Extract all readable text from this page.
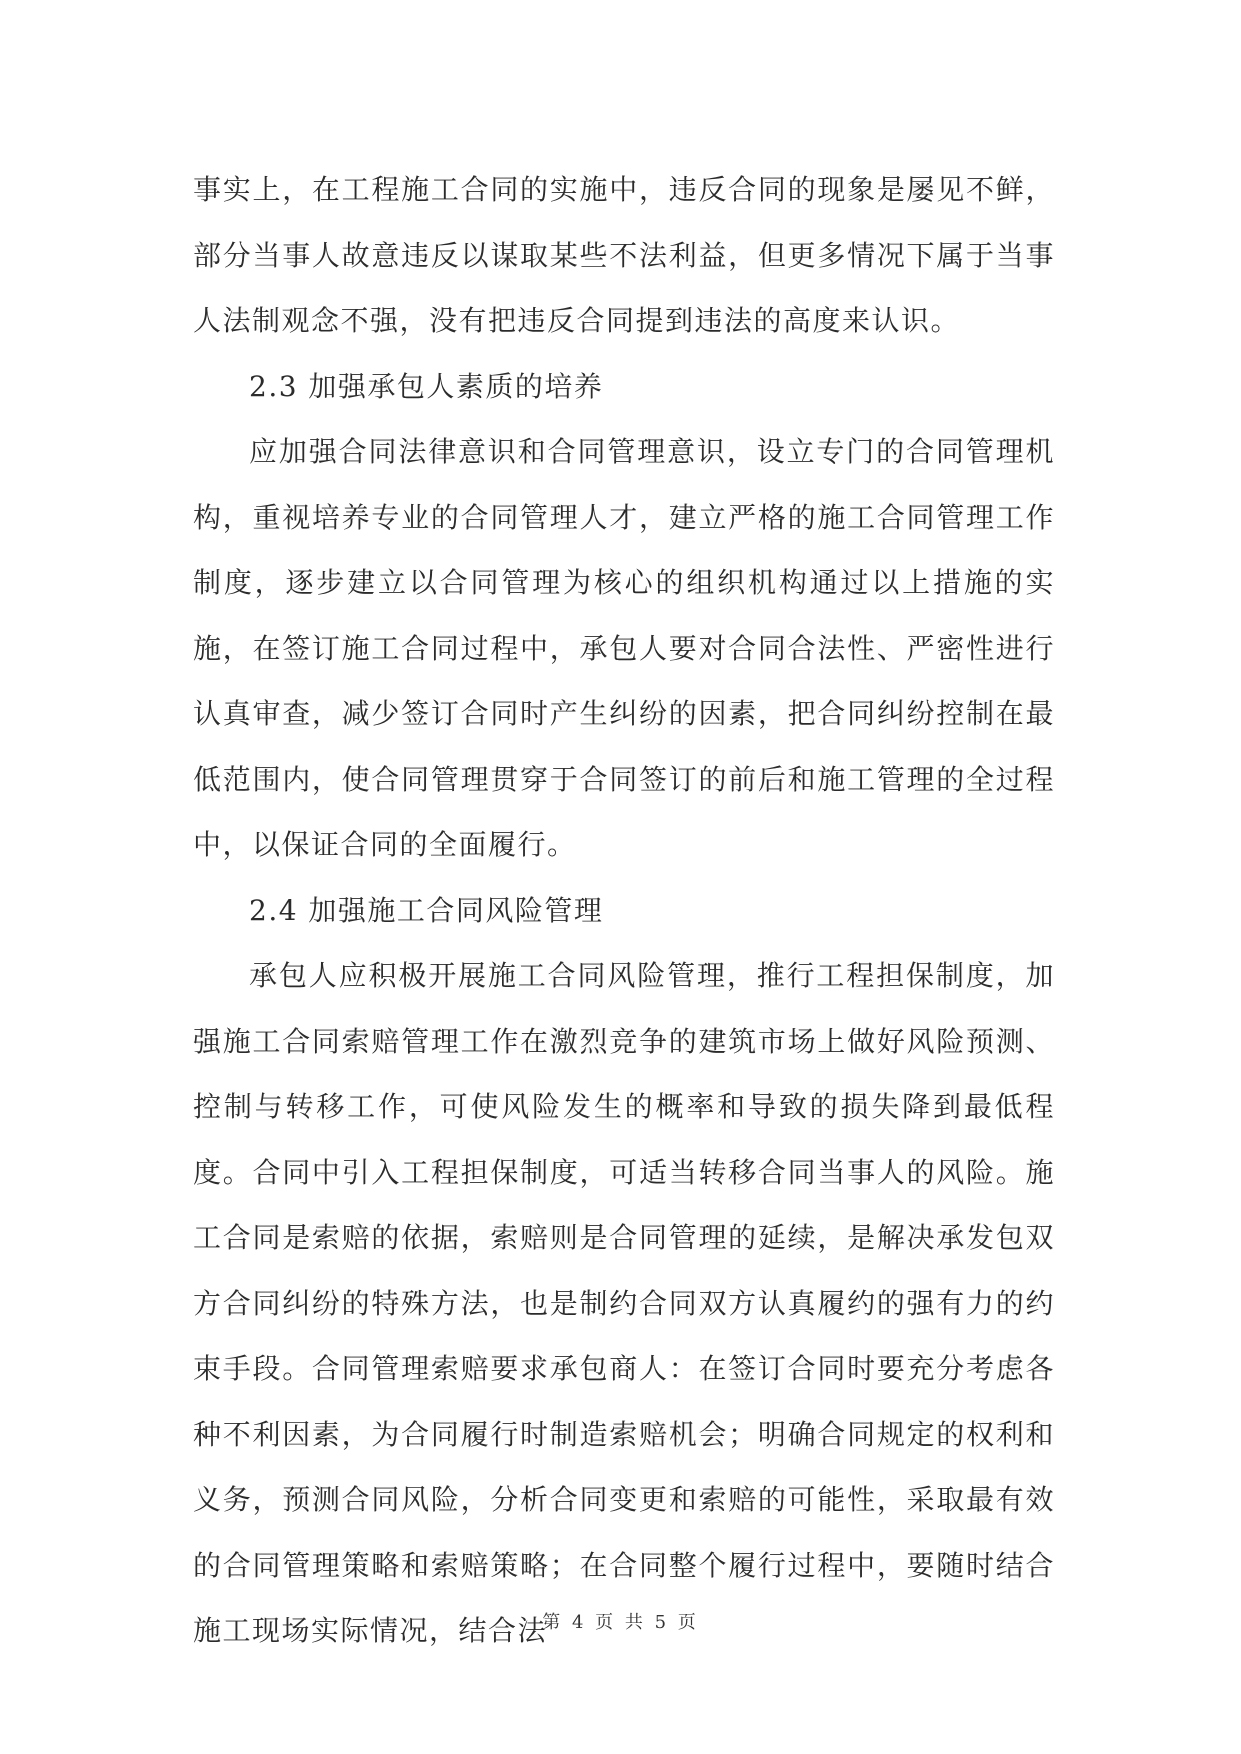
事实上，在工程施工合同的实施中，违反合同的现象是屡见不鲜，部分当事人故意违反以谋取某些不法利益，但更多情况下属于当事人法制观念不强，没有把违反合同提到违法的高度来认识。

2.3 加强承包人素质的培养

应加强合同法律意识和合同管理意识，设立专门的合同管理机构，重视培养专业的合同管理人才，建立严格的施工合同管理工作制度，逐步建立以合同管理为核心的组织机构通过以上措施的实施，在签订施工合同过程中，承包人要对合同合法性、严密性进行认真审查，减少签订合同时产生纠纷的因素，把合同纠纷控制在最低范围内，使合同管理贯穿于合同签订的前后和施工管理的全过程中，以保证合同的全面履行。

2.4 加强施工合同风险管理

承包人应积极开展施工合同风险管理，推行工程担保制度，加强施工合同索赔管理工作在激烈竞争的建筑市场上做好风险预测、控制与转移工作，可使风险发生的概率和导致的损失降到最低程度。合同中引入工程担保制度，可适当转移合同当事人的风险。施工合同是索赔的依据，索赔则是合同管理的延续，是解决承发包双方合同纠纷的特殊方法，也是制约合同双方认真履约的强有力的约束手段。合同管理索赔要求承包商人：在签订合同时要充分考虑各种不利因素，为合同履行时制造索赔机会；明确合同规定的权利和义务，预测合同风险，分析合同变更和索赔的可能性，采取最有效的合同管理策略和索赔策略；在合同整个履行过程中，要随时结合施工现场实际情况，结合法

第 4 页 共 5 页
